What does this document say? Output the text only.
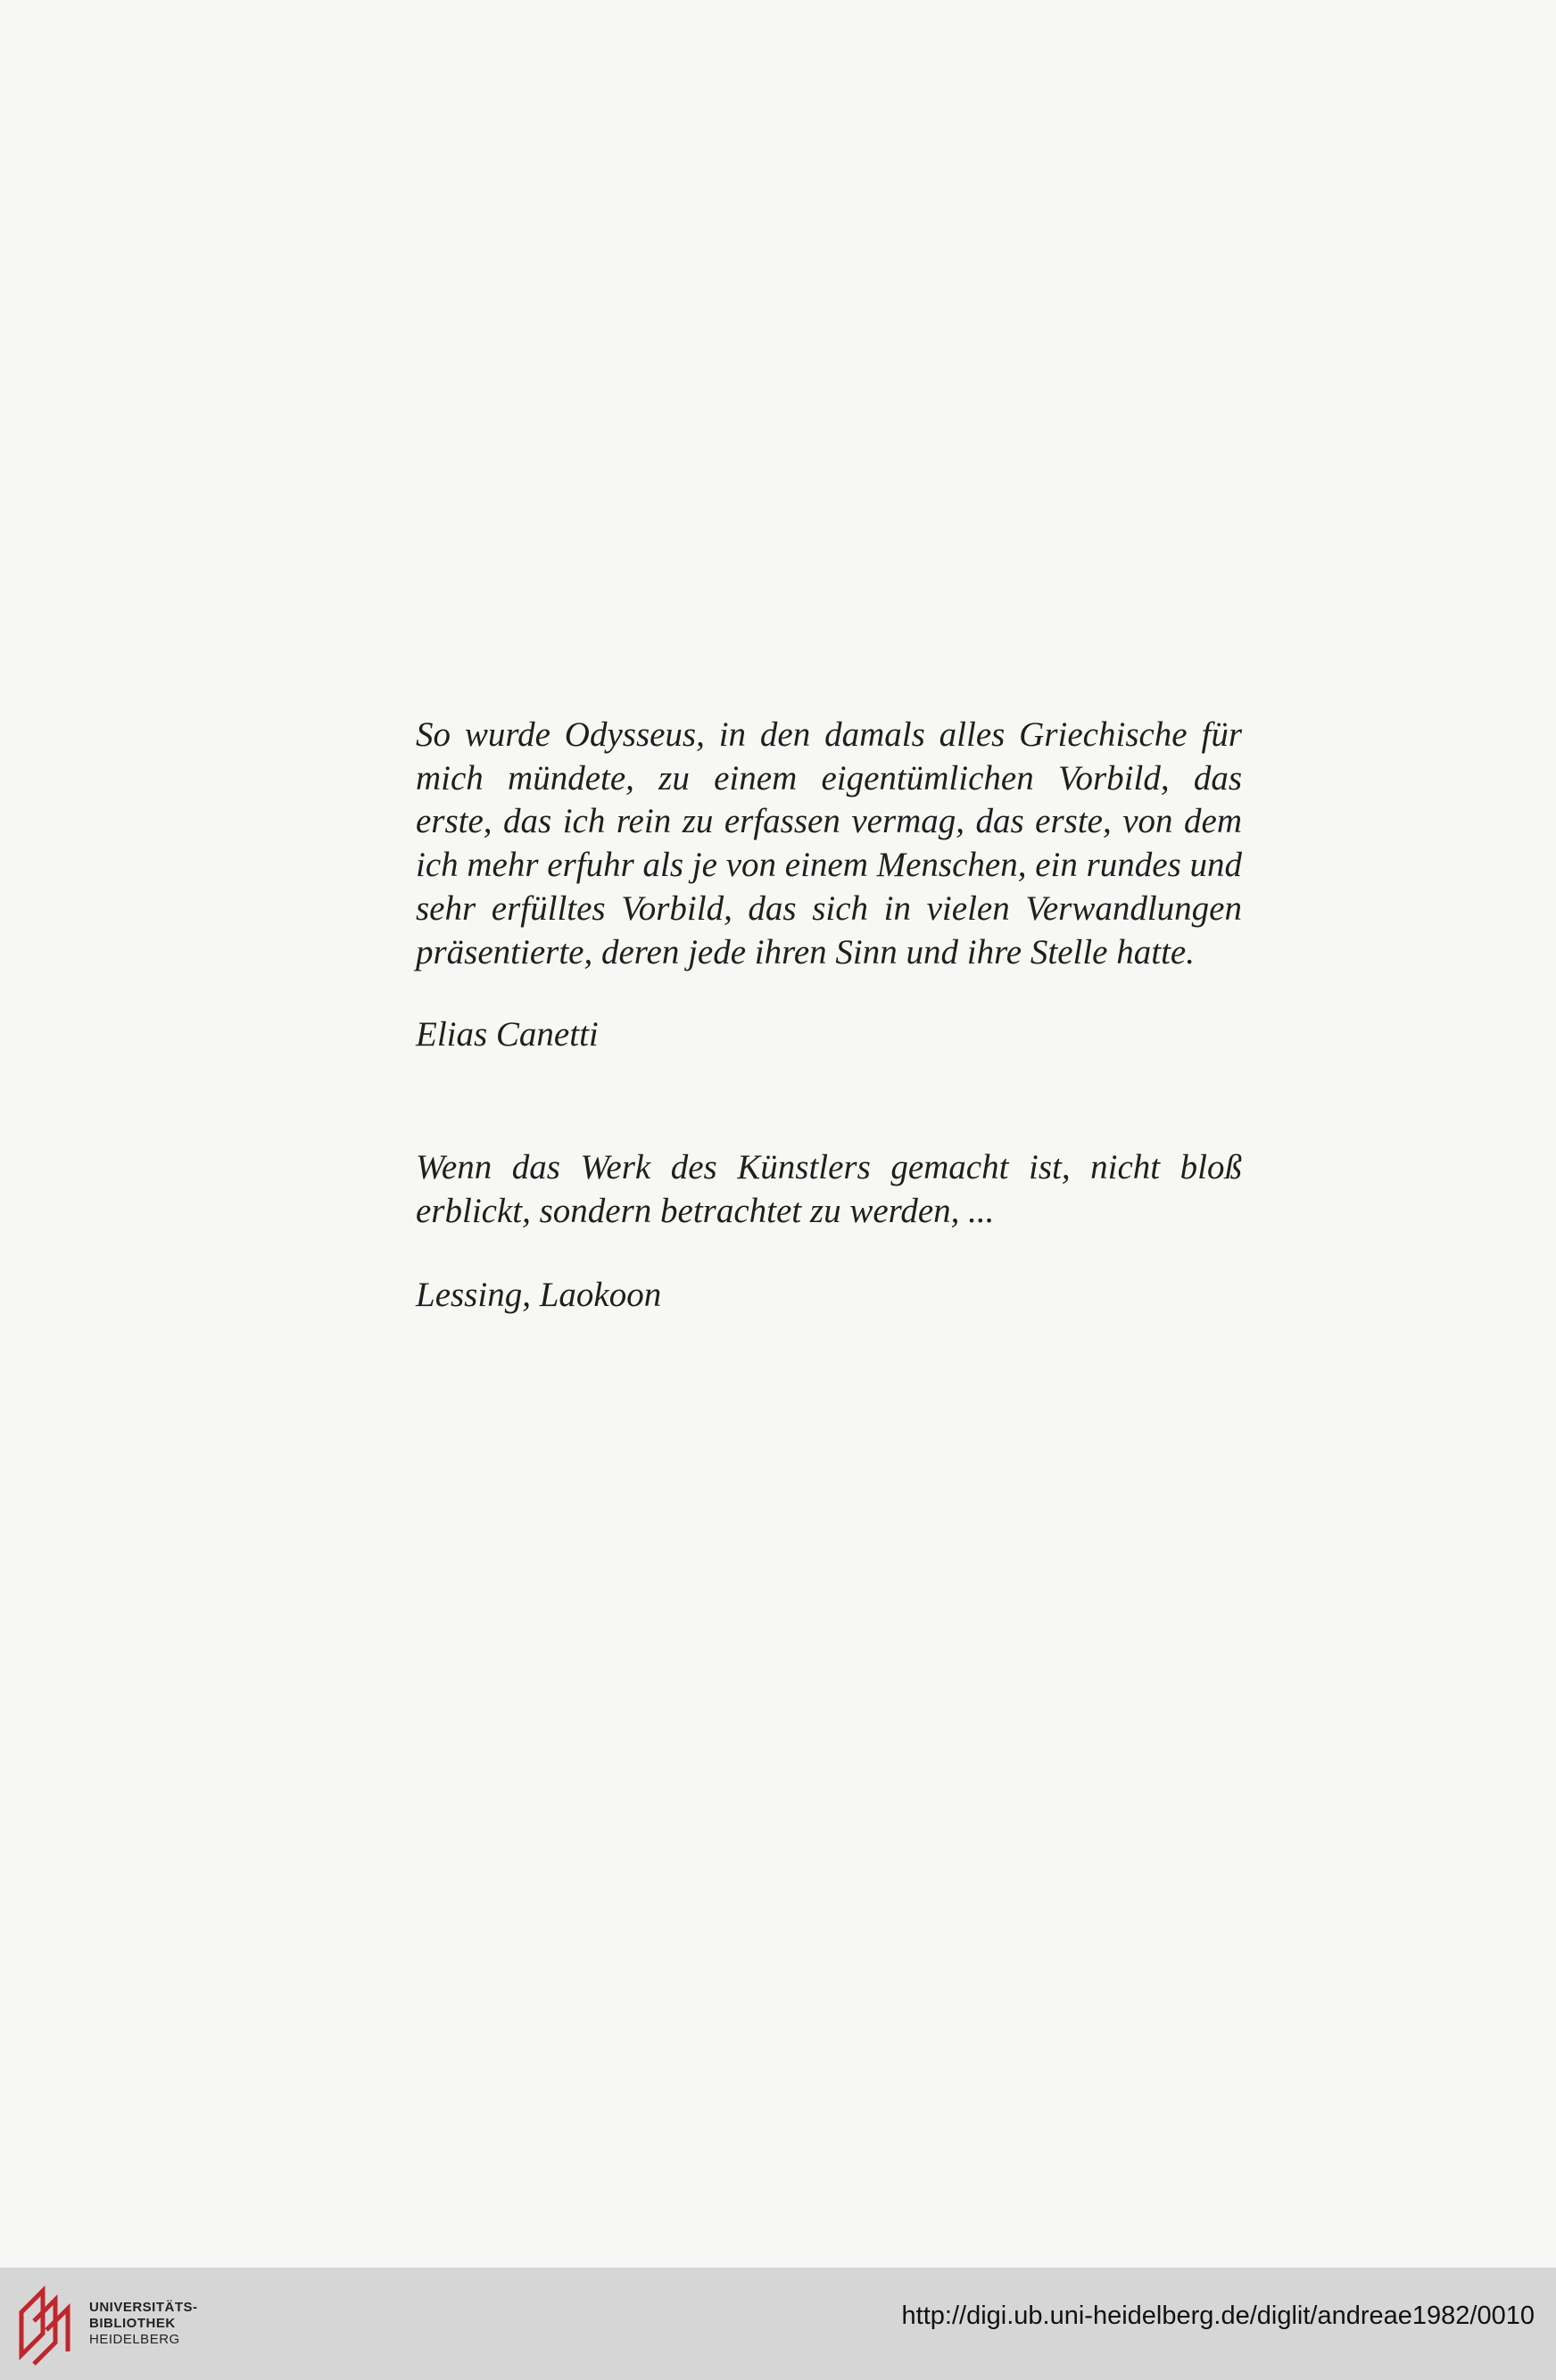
So wurde Odysseus, in den damals alles Griechische für
mich mündete, zu einem eigentümlichen Vorbild, das
erste, das ich rein zu erfassen vermag, das erste, von dem
ich mehr erfuhr als je von einem Menschen, ein rundes und
sehr erfülltes Vorbild, das sich in vielen Verwandlungen
präsentierte, deren jede ihren Sinn und ihre Stelle hatte.
Elias Canetti
Wenn das Werk des Künstlers gemacht ist, nicht bloß
erblickt, sondern betrachtet zu werden, ...
Lessing, Laokoon
UNIVERSITÄTS-
BIBLIOTHEK
HEIDELBERG
http://digi.ub.uni-heidelberg.de/diglit/andreae1982/0010
